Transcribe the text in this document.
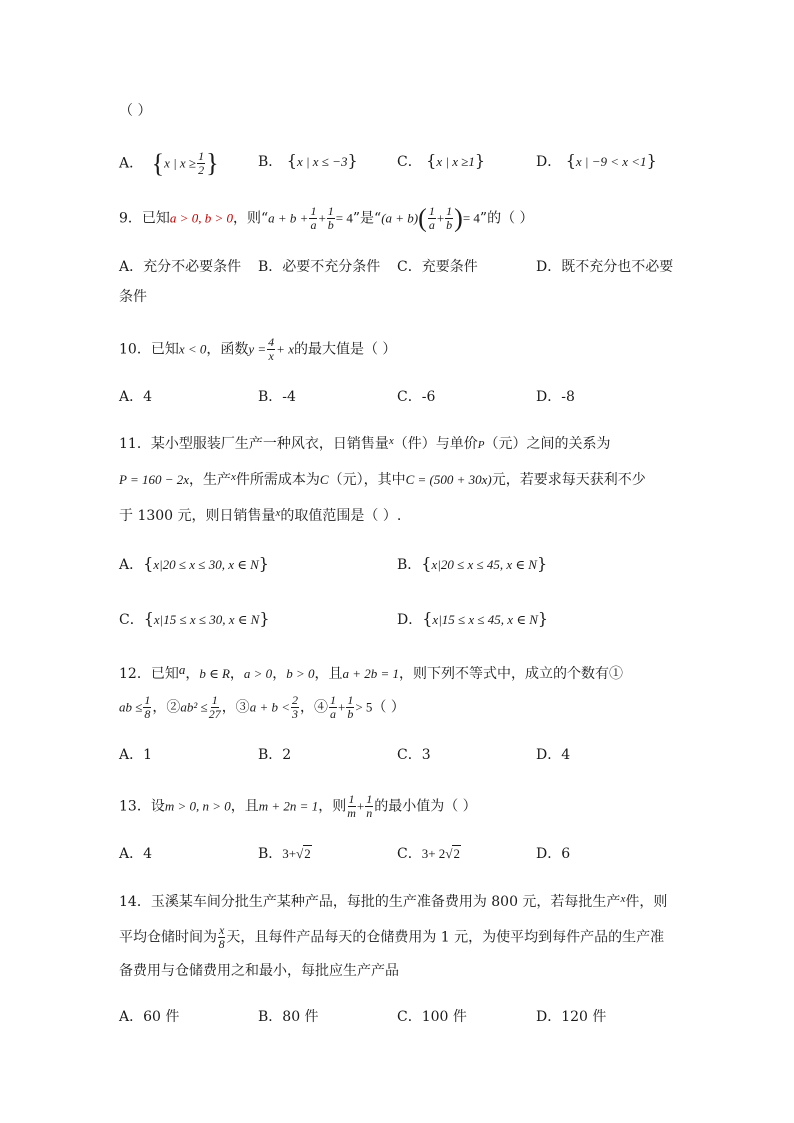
（ ）
A． {x | $x \ge \frac{1}{2}$ }	B． {x | x ≤ −3}	C． {x | x ≥1}	D． {x | −9 < x <1}
9．已知a > 0, b > 0，则“$a + b + \frac{1}{a} + \frac{1}{b} = 4$”是“$(a + b)( \frac{1}{a} + \frac{1}{b}$ )= 4”的（ ）
A．充分不必要条件 B．必要不充分条件 C．充要条件	D．既不充分也不必要
条件
10．已知x < 0，函数$y = \frac{4}{x} + x$的最大值是（ ）
A．4	B．-4	C．-6	D．-8
11．某小型服装厂生产一种风衣，日销售量$^x$（件）与单价P（元）之间的关系为
P = 160 − 2x，生产$^x$件所需成本为C（元），其中C = (500 + 30x)元，若要求每天获利不少
于 1300 元，则日销售量$^x$的取值范围是（ ）.
A．{x|20 ≤ x ≤ 30, x ∈ N}	B．{x|20 ≤ x ≤ 45, x ∈ N}
C．{x|15 ≤ x ≤ 30, x ∈ N}	D．{x|15 ≤ x ≤ 45, x ∈ N}
12．已知a，b ∈ R，a > 0，b > 0，且a + 2b = 1，则下列不等式中，成立的个数有①
ab ≤ $\frac{1}{8}$ ，②ab² ≤ $\frac{1}{27}$ ，③a + $b < \frac{2}{3}$ ，④ $\frac{1}{a} + \frac{1}{b} > 5$（ ）
A．1	B．2	C．3	D．4
13．设m > 0, n > 0，且m + 2n = 1，则 $\frac{1}{m} + \frac{1}{n}$ 的最小值为（ ）
A．4	B．3+√2	C．3+ 2√2	D．6
14．玉溪某车间分批生产某种产品，每批的生产准备费用为 800 元，若每批生产$^x$件，则
平均仓储时间为 $\frac{x}{8}$ 天，且每件产品每天的仓储费用为 1 元，为使平均到每件产品的生产准
备费用与仓储费用之和最小，每批应生产产品
A．60 件	B．80 件	C．100 件	D．120 件
